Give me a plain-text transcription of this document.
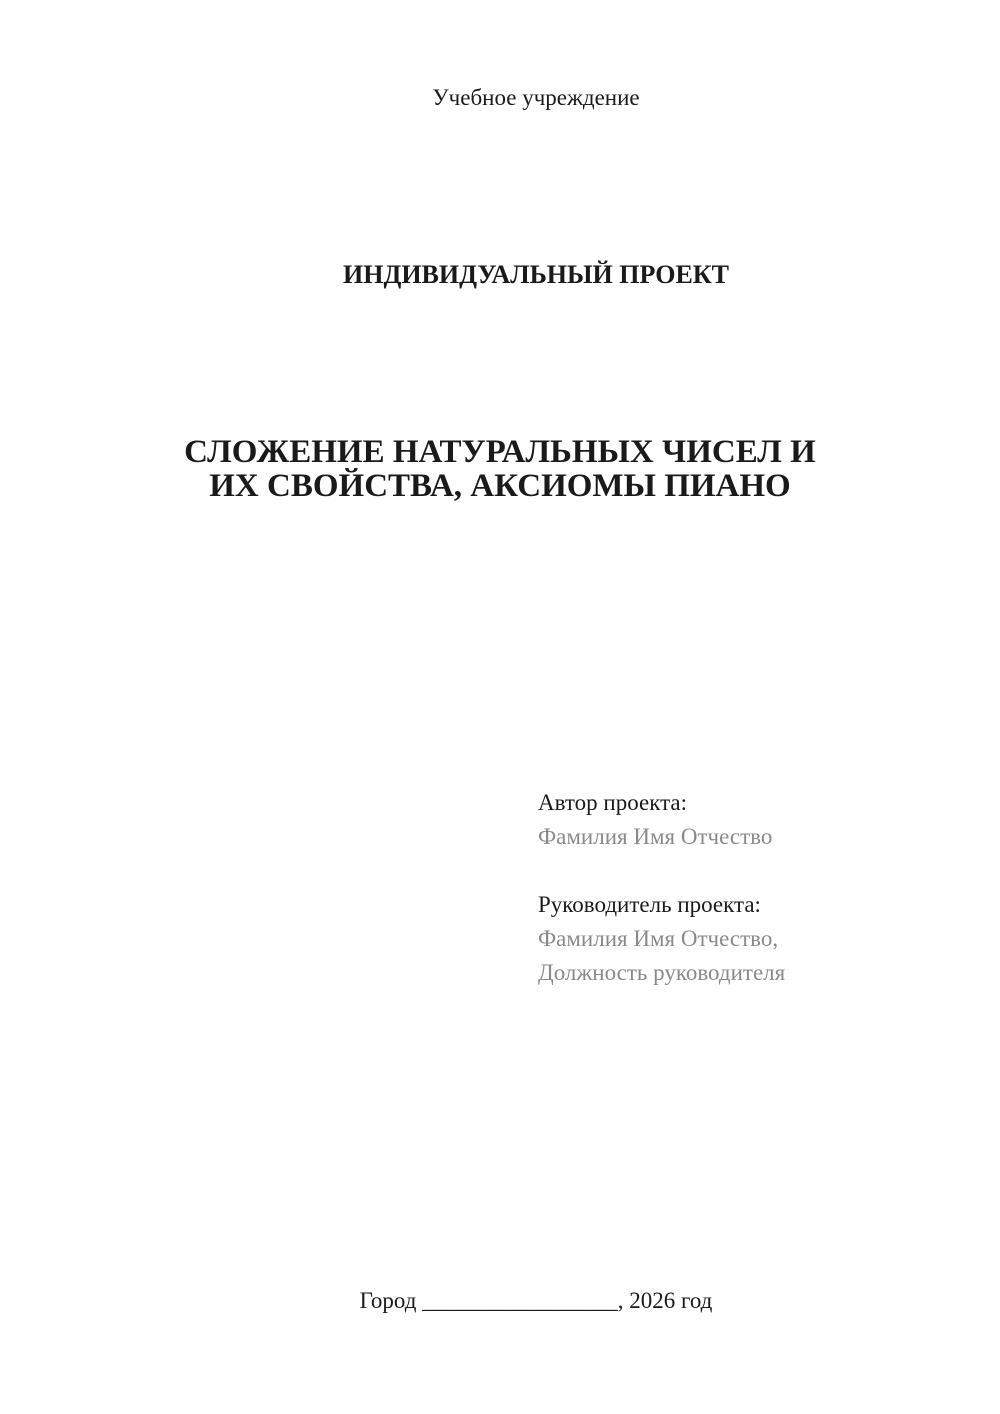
Учебное учреждение
ИНДИВИДУАЛЬНЫЙ ПРОЕКТ
СЛОЖЕНИЕ НАТУРАЛЬНЫХ ЧИСЕЛ И
ИХ СВОЙСТВА, АКСИОМЫ ПИАНО

Автор проекта:

Фамилия Имя Отчество

Руководитель проекта:

Фамилия Имя Отчество,

Должность руководителя

Город _________________, 2026 год
